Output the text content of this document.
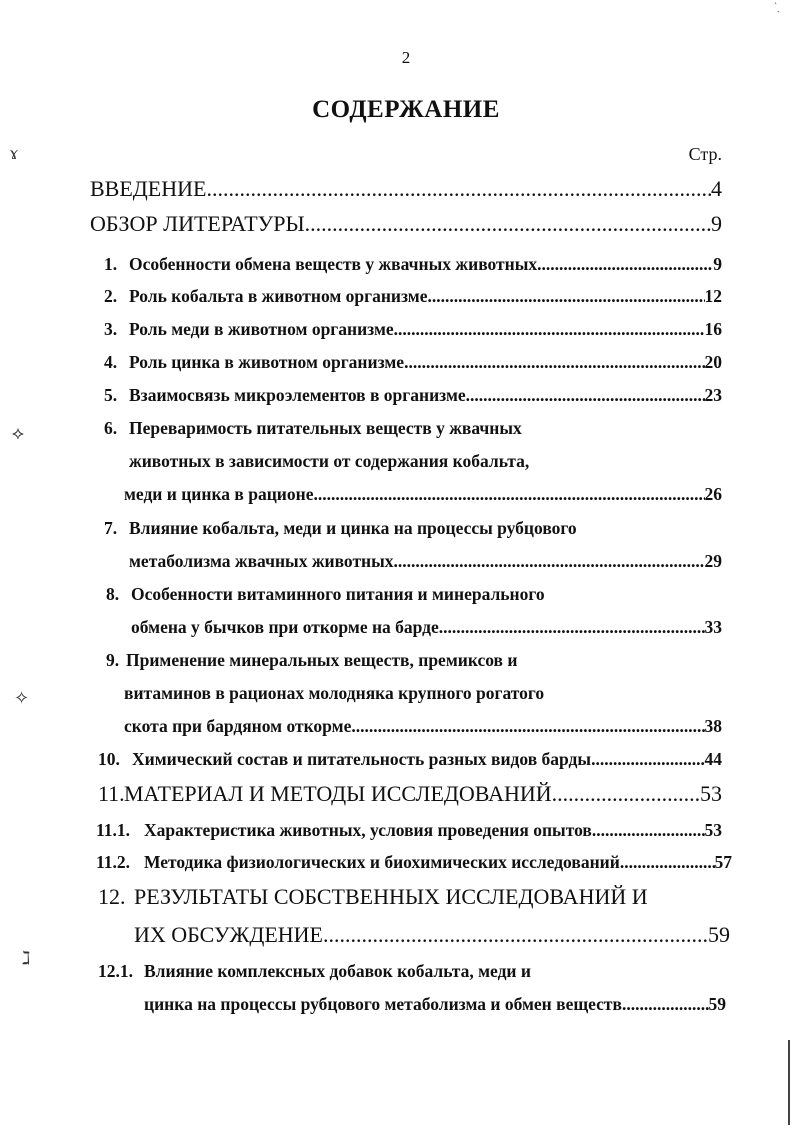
2
СОДЕРЖАНИЕ
Стр.
ВВЕДЕНИЕ .....	4
ОБЗОР ЛИТЕРАТУРЫ .....	9
1. Особенности обмена веществ у жвачных животных .....	9
2. Роль кобальта в животном организме .....	12
3. Роль меди в животном организме .....	16
4. Роль цинка в животном организме .....	20
5. Взаимосвязь микроэлементов в организме .....	23
6. Переваримость питательных веществ у жвачных
животных в зависимости от содержания кобальта,
меди и цинка в рационе .....	26
7. Влияние кобальта, меди и цинка на процессы рубцового
метаболизма жвачных животных .....	29
8. Особенности витаминного питания и минерального
обмена у бычков при откорме на барде .....	33
9. Применение минеральных веществ, премиксов и
витаминов в рационах молодняка крупного рогатого
скота при бардяном откорме .....	38
10. Химический состав и питательность разных видов барды .....	44
11. МАТЕРИАЛ И МЕТОДЫ ИССЛЕДОВАНИЙ .....	53
11.1. Характеристика животных, условия проведения опытов .....	53
11.2. Методика физиологических и биохимических исследований .....	57
12. РЕЗУЛЬТАТЫ СОБСТВЕННЫХ ИССЛЕДОВАНИЙ И
ИХ ОБСУЖДЕНИЕ .....	59
12.1. Влияние комплексных добавок кобальта, меди и
цинка на процессы рубцового метаболизма и обмен веществ .....	59
ɤ
⟡
✧
ℷ
‵ˎ
